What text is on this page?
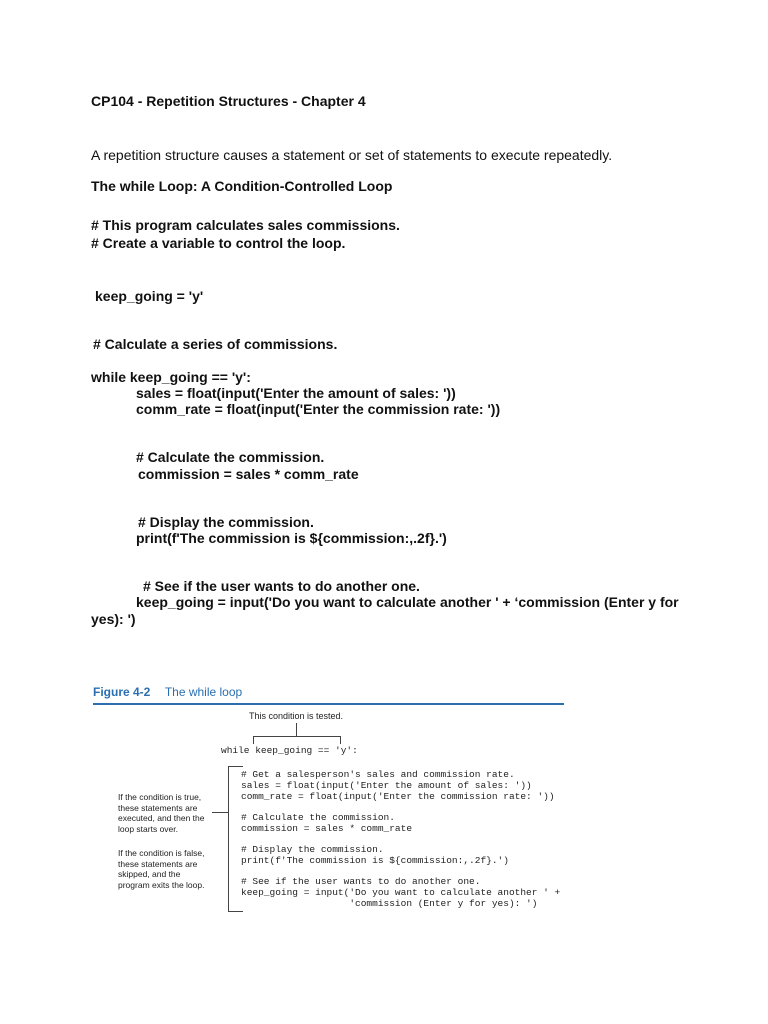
CP104 - Repetition Structures - Chapter 4
A repetition structure causes a statement or set of statements to execute repeatedly.
The while Loop: A Condition-Controlled Loop
# This program calculates sales commissions.
# Create a variable to control the loop.
keep_going = 'y'
# Calculate a series of commissions.
while keep_going == 'y':
sales = float(input('Enter the amount of sales: '))
comm_rate = float(input('Enter the commission rate: '))
# Calculate the commission.
commission = sales * comm_rate
# Display the commission.
print(f'The commission is ${commission:,.2f}.')
# See if the user wants to do another one.
keep_going = input('Do you want to calculate another ' + ‘commission (Enter y for
yes): ')
Figure 4-2 The while loop
This condition is tested.
while keep_going == 'y':
If the condition is true,
these statements are
executed, and then the
loop starts over.
If the condition is false,
these statements are
skipped, and the
program exits the loop.
# Get a salesperson's sales and commission rate.
sales = float(input('Enter the amount of sales: '))
comm_rate = float(input('Enter the commission rate: '))
# Calculate the commission.
commission = sales * comm_rate
# Display the commission.
print(f'The commission is ${commission:,.2f}.')
# See if the user wants to do another one.
keep_going = input('Do you want to calculate another ' +
'commission (Enter y for yes): ')
